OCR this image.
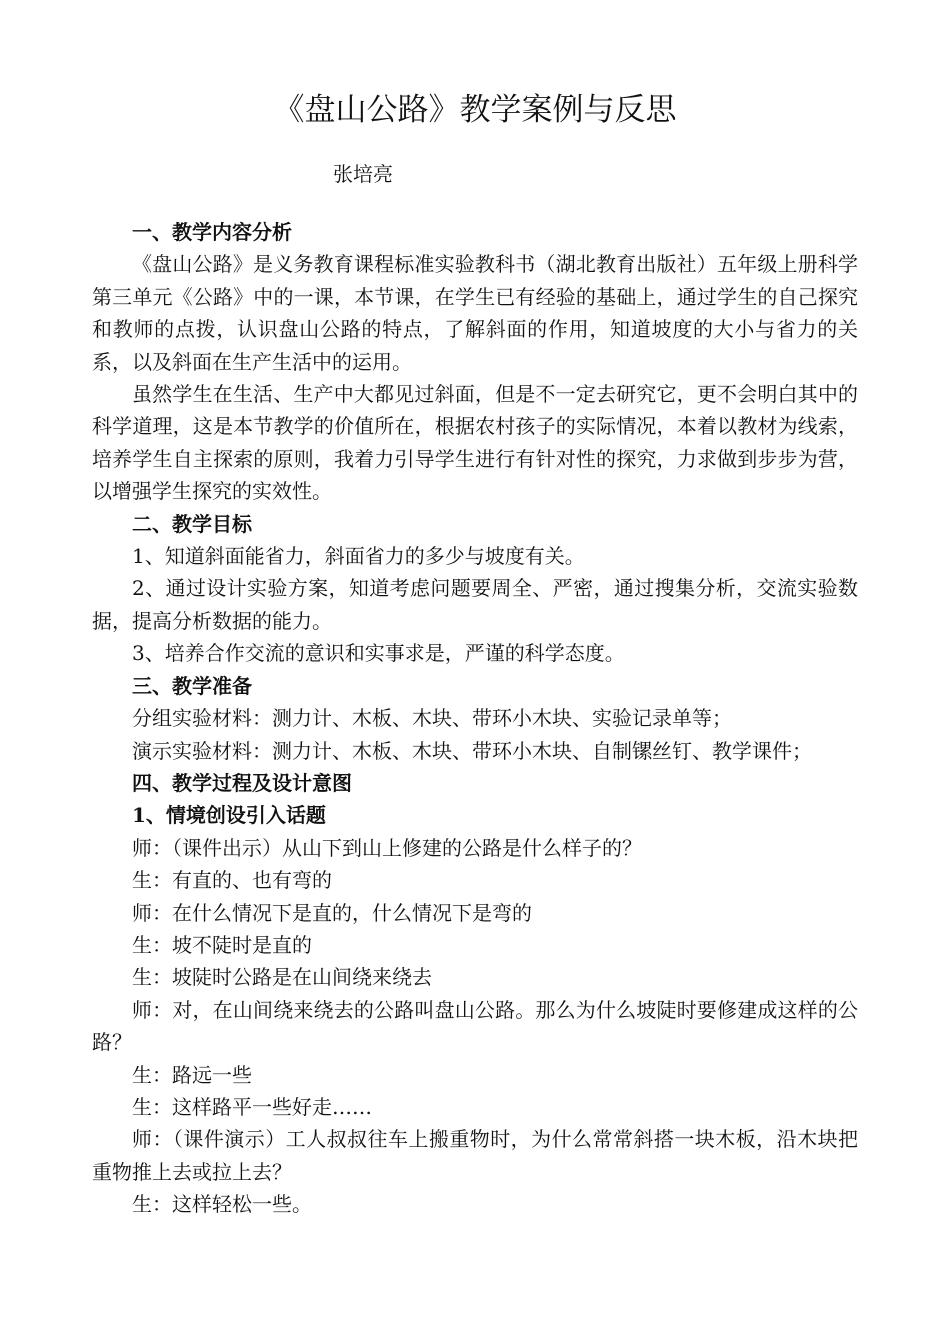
《盘山公路》教学案例与反思
张培亮

一、教学内容分析

《盘山公路》是义务教育课程标准实验教科书（湖北教育出版社）五年级上册科学第三单元《公路》中的一课，本节课，在学生已有经验的基础上，通过学生的自己探究和教师的点拨，认识盘山公路的特点，了解斜面的作用，知道坡度的大小与省力的关系，以及斜面在生产生活中的运用。

虽然学生在生活、生产中大都见过斜面，但是不一定去研究它，更不会明白其中的科学道理，这是本节教学的价值所在，根据农村孩子的实际情况，本着以教材为线索，培养学生自主探索的原则，我着力引导学生进行有针对性的探究，力求做到步步为营，以增强学生探究的实效性。

二、教学目标

1、知道斜面能省力，斜面省力的多少与坡度有关。

2、通过设计实验方案，知道考虑问题要周全、严密，通过搜集分析，交流实验数据，提高分析数据的能力。

3、培养合作交流的意识和实事求是，严谨的科学态度。

三、教学准备

分组实验材料：测力计、木板、木块、带环小木块、实验记录单等；

演示实验材料：测力计、木板、木块、带环小木块、自制镙丝钉、教学课件；

四、教学过程及设计意图

1、情境创设引入话题

师：（课件出示）从山下到山上修建的公路是什么样子的？

生：有直的、也有弯的

师：在什么情况下是直的，什么情况下是弯的

生：坡不陡时是直的

生：坡陡时公路是在山间绕来绕去

师：对，在山间绕来绕去的公路叫盘山公路。那么为什么坡陡时要修建成这样的公路？

生：路远一些

生：这样路平一些好走……

师：（课件演示）工人叔叔往车上搬重物时，为什么常常斜搭一块木板，沿木块把重物推上去或拉上去？

生：这样轻松一些。
